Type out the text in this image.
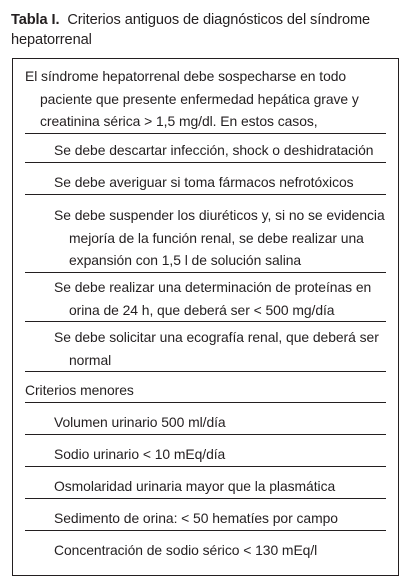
Tabla I. Criterios antiguos de diagnósticos del síndrome hepatorrenal
El síndrome hepatorrenal debe sospecharse en todo paciente que presente enfermedad hepática grave y creatinina sérica > 1,5 mg/dl. En estos casos,
Se debe descartar infección, shock o deshidratación
Se debe averiguar si toma fármacos nefrotóxicos
Se debe suspender los diuréticos y, si no se evidencia mejoría de la función renal, se debe realizar una expansión con 1,5 l de solución salina
Se debe realizar una determinación de proteínas en orina de 24 h, que deberá ser < 500 mg/día
Se debe solicitar una ecografía renal, que deberá ser normal
Criterios menores
Volumen urinario 500 ml/día
Sodio urinario < 10 mEq/día
Osmolaridad urinaria mayor que la plasmática
Sedimento de orina: < 50 hematíes por campo
Concentración de sodio sérico < 130 mEq/l
